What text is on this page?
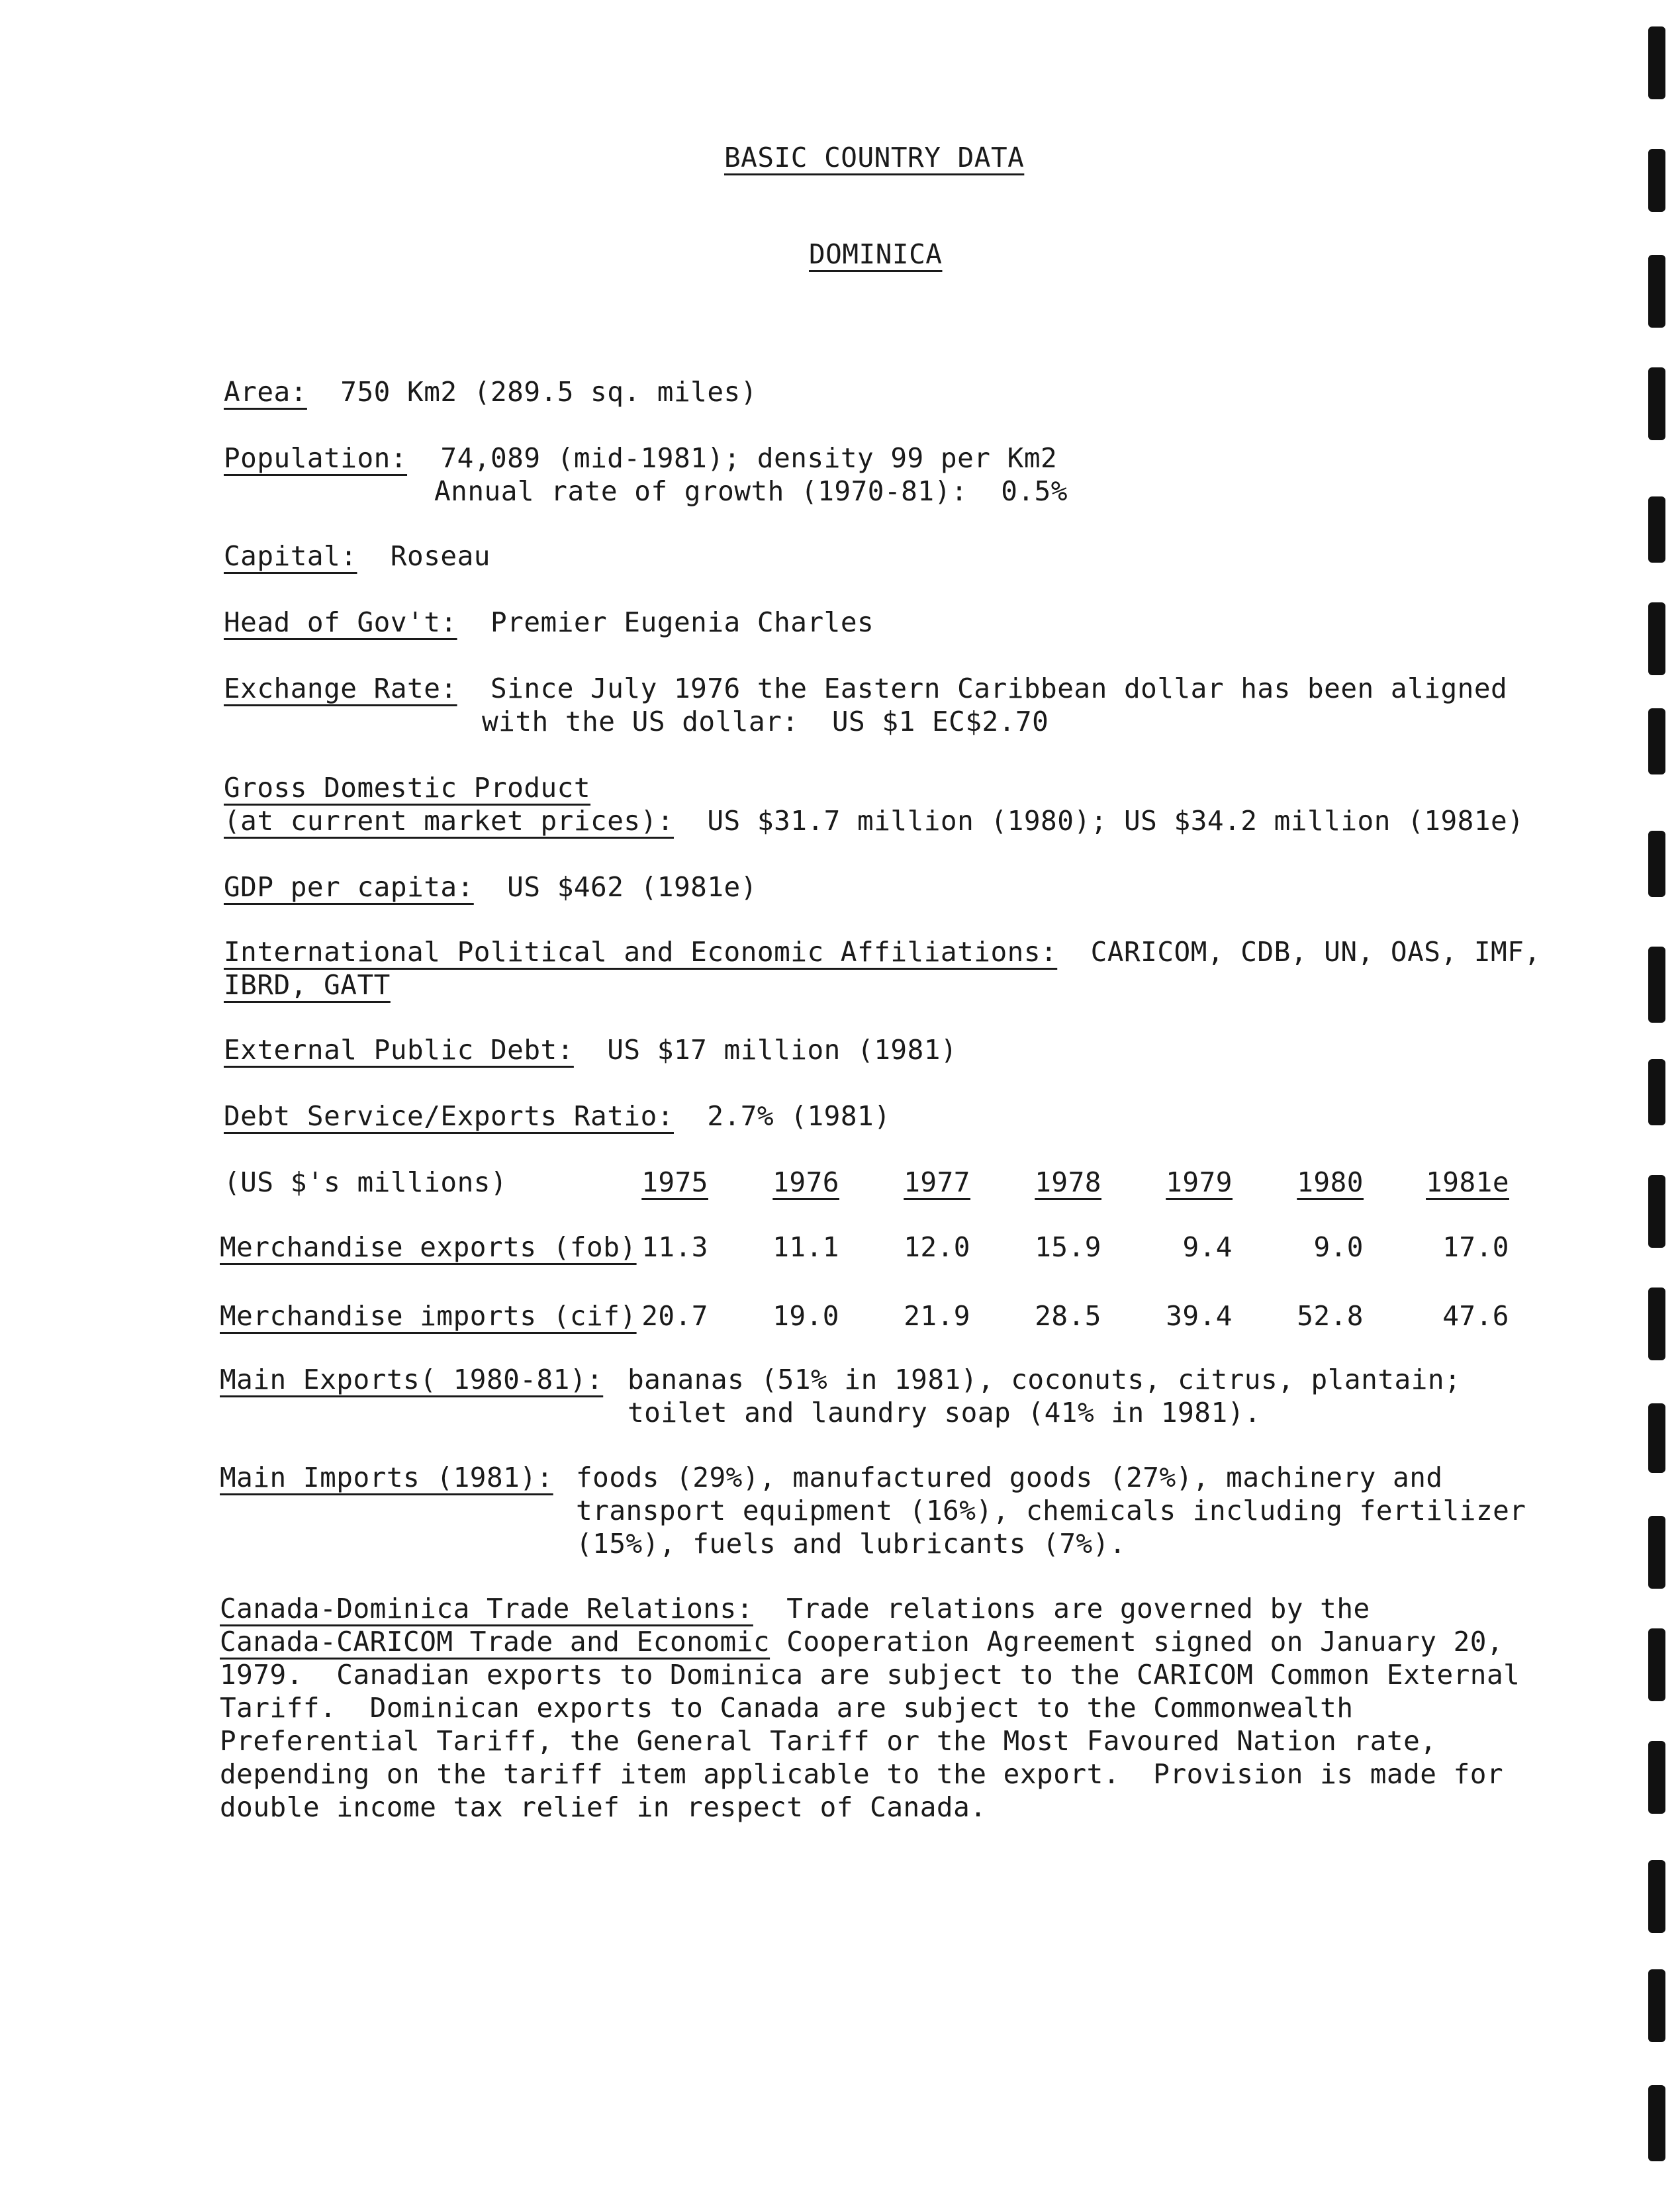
BASIC COUNTRY DATA
DOMINICA
Area: 750 Km2 (289.5 sq. miles)
Population: 74,089 (mid-1981); density 99 per Km2
Annual rate of growth (1970-81):  0.5%
Capital: Roseau
Head of Gov't: Premier Eugenia Charles
Exchange Rate: Since July 1976 the Eastern Caribbean dollar has been aligned
with the US dollar:  US $1 EC$2.70
Gross Domestic Product
(at current market prices): US $31.7 million (1980); US $34.2 million (1981e)
GDP per capita: US $462 (1981e)
International Political and Economic Affiliations: CARICOM, CDB, UN, OAS, IMF,
IBRD, GATT
External Public Debt: US $17 million (1981)
Debt Service/Exports Ratio: 2.7% (1981)
(US $'s millions)	1975	1976	1977	1978	1979	1980	1981e
Merchandise exports (fob) 11.3	11.1	12.0	15.9	9.4	9.0	17.0
Merchandise imports (cif) 20.7	19.0	21.9	28.5	39.4	52.8	47.6
Main Exports( 1980-81): bananas (51% in 1981), coconuts, citrus, plantain;
toilet and laundry soap (41% in 1981).
Main Imports (1981): foods (29%), manufactured goods (27%), machinery and
transport equipment (16%), chemicals including fertilizer
(15%), fuels and lubricants (7%).
Canada-Dominica Trade Relations: Trade relations are governed by the
Canada-CARICOM Trade and Economic Cooperation Agreement signed on January 20,
1979.  Canadian exports to Dominica are subject to the CARICOM Common External
Tariff.  Dominican exports to Canada are subject to the Commonwealth
Preferential Tariff, the General Tariff or the Most Favoured Nation rate,
depending on the tariff item applicable to the export.  Provision is made for
double income tax relief in respect of Canada.
